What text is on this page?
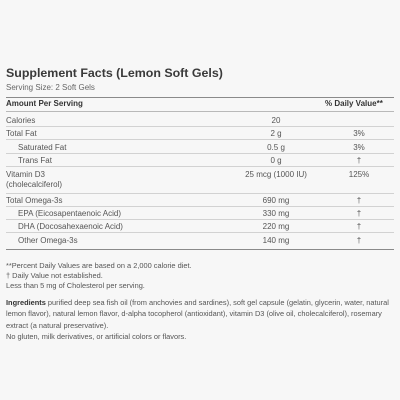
Supplement Facts (Lemon Soft Gels)
Serving Size: 2 Soft Gels
Amount Per Serving	% Daily Value**
Calories	20
Total Fat	2 g	3%
Saturated Fat	0.5 g	3%
Trans Fat	0 g	†
Vitamin D3
(cholecalciferol)
25 mcg (1000 IU)	125%
Total Omega-3s	690 mg	†
EPA (Eicosapentaenoic Acid)	330 mg	†
DHA (Docosahexaenoic Acid)	220 mg	†
Other Omega-3s	140 mg	†
**Percent Daily Values are based on a 2,000 calorie diet.
† Daily Value not established.
Less than 5 mg of Cholesterol per serving.
Ingredients purified deep sea fish oil (from anchovies and sardines), soft gel capsule (gelatin, glycerin, water, natural lemon flavor), natural lemon flavor, d-alpha tocopherol (antioxidant), vitamin D3 (olive oil, cholecalciferol), rosemary extract (a natural preservative).
No gluten, milk derivatives, or artificial colors or flavors.
